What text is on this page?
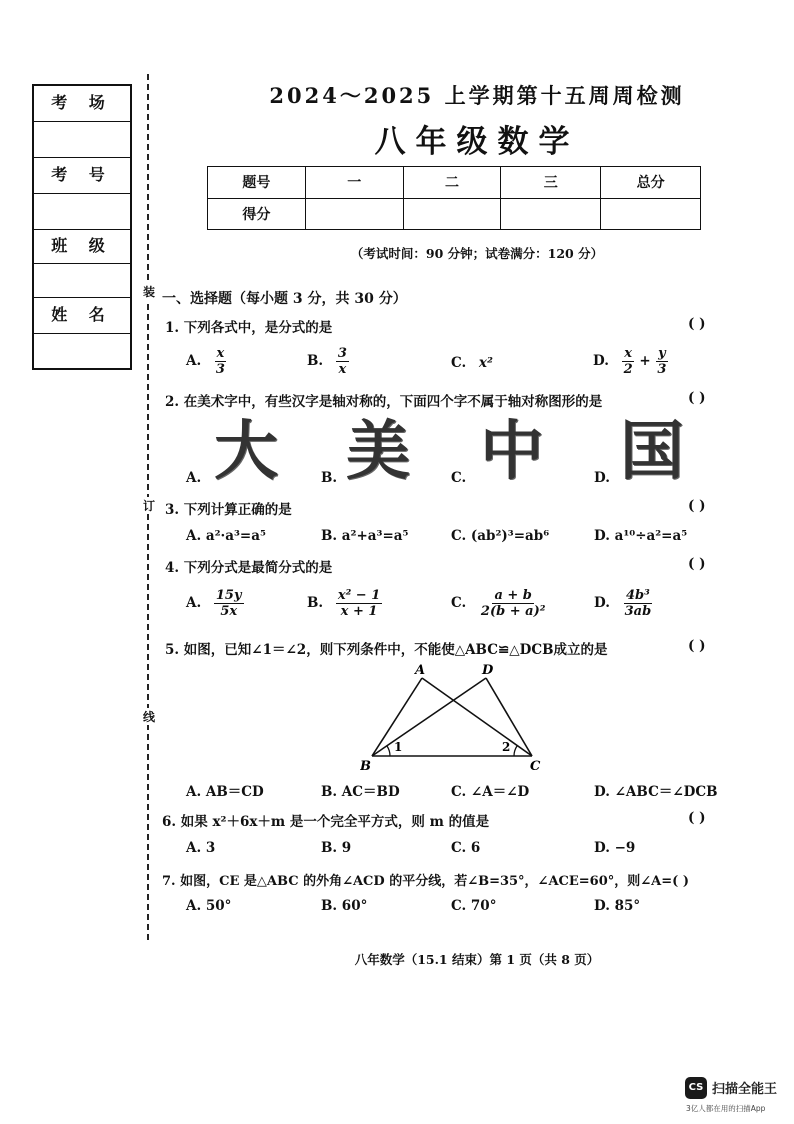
考 场
考 号
班 级
姓 名
装
订
线
2024～2025 上学期第十五周周检测
八年级数学
题号	一	二	三	总分
得分				
（考试时间：90 分钟；试卷满分：120 分）
一、选择题（每小题 3 分，共 30 分）
1. 下列各式中，是分式的是	( )
A. $\frac{x}{3}$	B. $\frac{3}{x}$	C. x²	D. $\frac{x}{2} + \frac{y}{3}$
2. 在美术字中，有些汉字是轴对称的，下面四个字不属于轴对称图形的是	( )
A. 大	B. 美	C. 中	D. 国
3. 下列计算正确的是	( )
A. a²·a³=a⁵	B. a²+a³=a⁵	C. (ab²)³=ab⁶	D. a¹⁰÷a²=a⁵
4. 下列分式是最简分式的是	( )
A. $\frac{15y}{5x}$	B. $\frac{\text{x² − 1}}{x + 1}$	C. $\frac{a + b}{\text{2(b + a)²}}$	D. $\frac{\text{4b³}}{3ab}$
5. 如图，已知∠1＝∠2，则下列条件中，不能使△ABC≌△DCB成立的是	( )
A	D
B	C
1	2
A. AB＝CD	B. AC＝BD	C. ∠A＝∠D	D. ∠ABC＝∠DCB
6. 如果 x²＋6x＋m 是一个完全平方式，则 m 的值是	( )
A. 3	B. 9	C. 6	D. −9
7. 如图，CE 是△ABC 的外角∠ACD 的平分线，若∠B=35°，∠ACE=60°，则∠A=( )
A. 50°	B. 60°	C. 70°	D. 85°
八年数学（15.1 结束）第 1 页（共 8 页）
CS 扫描全能王
3亿人都在用的扫描App
